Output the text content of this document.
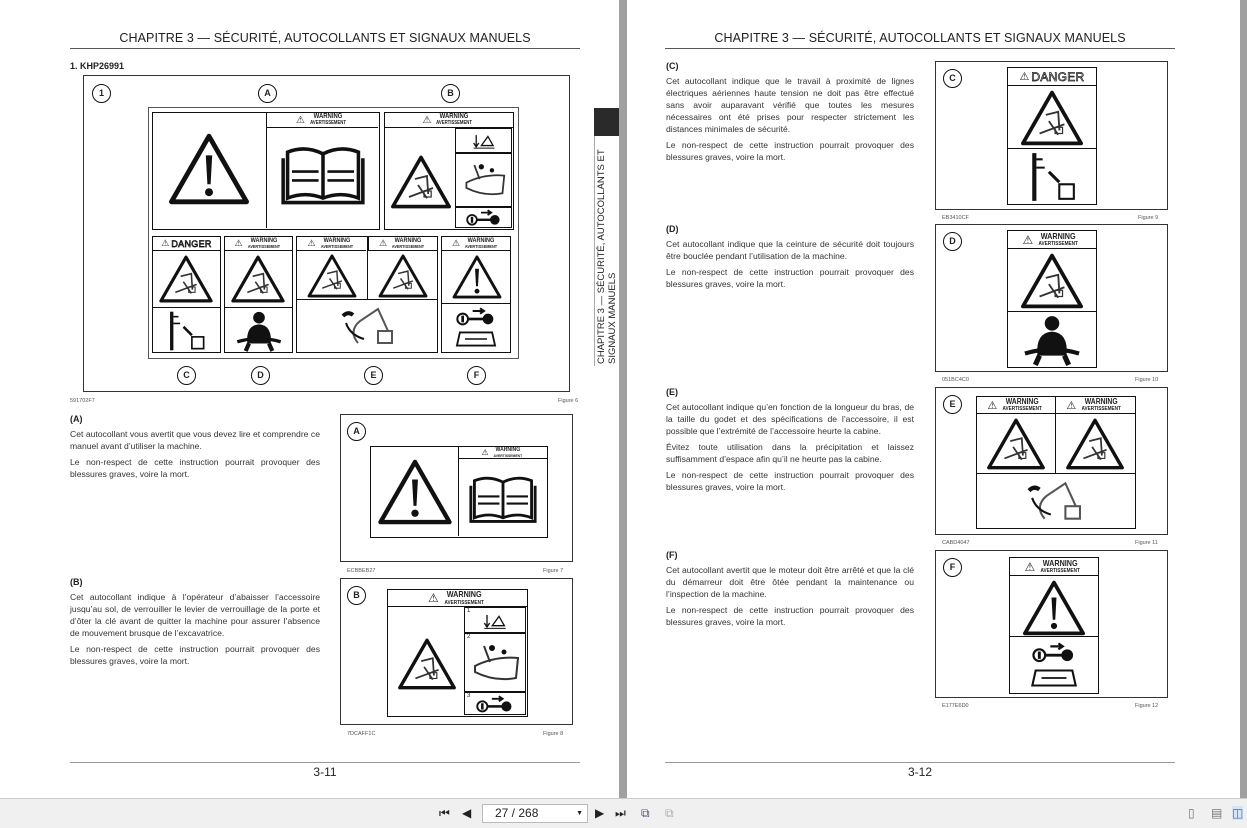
CHAPITRE 3 — SÉCURITÉ, AUTOCOLLANTS ET SIGNAUX MANUELS
1. KHP26991
1	A	B
C	D	E	F
⚠	WARNING
AVERTISSEMENT	⚠	WARNING
AVERTISSEMENT
⚠ DANGER	⚠	WARNING
AVERTISSEMENT	⚠	WARNING
AVERTISSEMENT	⚠	WARNING
AVERTISSEMENT	⚠	WARNING
AVERTISSEMENT
591702F7	Figure 6
(A)

Cet autocollant vous avertit que vous devez lire et comprendre ce manuel avant d’utiliser la machine.

Le non-respect de cette instruction pourrait provoquer des blessures graves, voire la mort.

A
⚠	WARNING
AVERTISSEMENT
ECBBEB27	Figure 7
(B)

Cet autocollant indique à l’opérateur d’abaisser l’accessoire jusqu’au sol, de verrouiller le levier de verrouillage de la porte et d’ôter la clé avant de quitter la machine pour assurer l’absence de mouvement brusque de l’excavatrice.

Le non-respect de cette instruction pourrait provoquer des blessures graves, voire la mort.

B	⚠ WARNING
AVERTISSEMENT
1
2
3
7DCAFF1C	Figure 8
3-11
CHAPITRE 3 — SÉCURITÉ, AUTOCOLLANTS ET SIGNAUX MANUELS
CHAPITRE 3 — SÉCURITÉ, AUTOCOLLANTS ET SIGNAUX MANUELS
(C)

Cet autocollant indique que le travail à proximité de lignes électriques aériennes haute tension ne doit pas être effectué sans avoir auparavant vérifié que toutes les mesures nécessaires ont été prises pour respecter strictement les distances minimales de sécurité.

Le non-respect de cette instruction pourrait provoquer des blessures graves, voire la mort.

C	⚠ DANGER
EB3410CF	Figure 9
(D)

Cet autocollant indique que la ceinture de sécurité doit toujours être bouclée pendant l’utilisation de la machine.

Le non-respect de cette instruction pourrait provoquer des blessures graves, voire la mort.

D	⚠ WARNING
AVERTISSEMENT
051BC4C0	Figure 10
(E)

Cet autocollant indique qu’en fonction de la longueur du bras, de la taille du godet et des spécifications de l’accessoire, il est possible que l’extrémité de l’accessoire heurte la cabine.

Évitez toute utilisation dans la précipitation et laissez suffisamment d’espace afin qu’il ne heurte pas la cabine.

Le non-respect de cette instruction pourrait provoquer des blessures graves, voire la mort.

E	⚠	WARNING
AVERTISSEMENT ⚠	WARNING
AVERTISSEMENT
CABD4047	Figure 11
(F)

Cet autocollant avertit que le moteur doit être arrêté et que la clé du démarreur doit être ôtée pendant la maintenance ou l’inspection de la machine.

Le non-respect de cette instruction pourrait provoquer des blessures graves, voire la mort.

F	⚠ WARNING
AVERTISSEMENT
E177E6D0	Figure 12
3-12
⏮ ◀	27 / 268	▼ ▶ ⏭ ⧉ ⧉	▯ ▤ ◫
